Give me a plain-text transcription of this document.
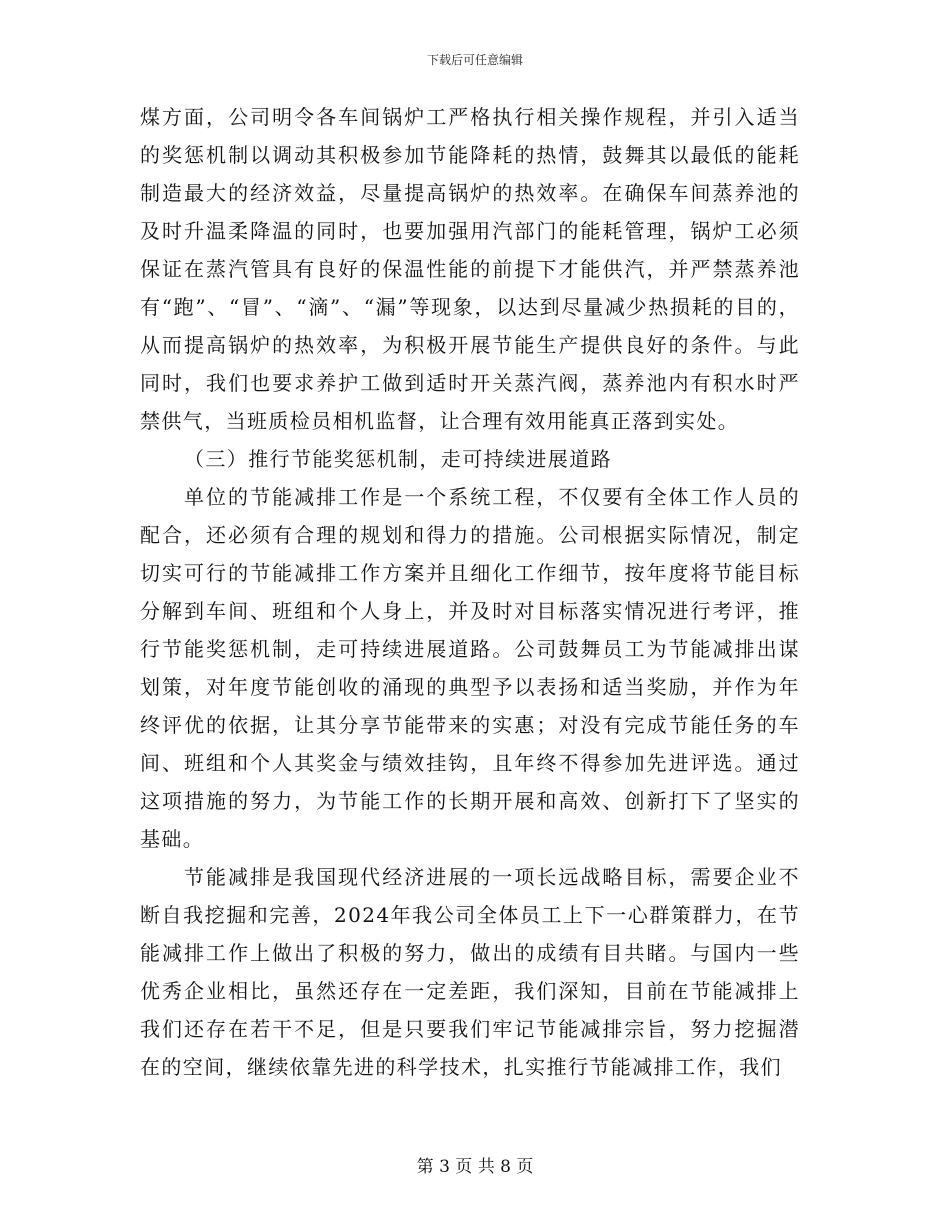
下载后可任意编辑

煤方面，公司明令各车间锅炉工严格执行相关操作规程，并引入适当的奖惩机制以调动其积极参加节能降耗的热情，鼓舞其以最低的能耗制造最大的经济效益，尽量提高锅炉的热效率。在确保车间蒸养池的及时升温柔降温的同时，也要加强用汽部门的能耗管理，锅炉工必须保证在蒸汽管具有良好的保温性能的前提下才能供汽，并严禁蒸养池有“跑”、“冒”、“滴”、“漏”等现象，以达到尽量减少热损耗的目的，从而提高锅炉的热效率，为积极开展节能生产提供良好的条件。与此同时，我们也要求养护工做到适时开关蒸汽阀，蒸养池内有积水时严禁供气，当班质检员相机监督，让合理有效用能真正落到实处。

（三）推行节能奖惩机制，走可持续进展道路

单位的节能减排工作是一个系统工程，不仅要有全体工作人员的配合，还必须有合理的规划和得力的措施。公司根据实际情况，制定切实可行的节能减排工作方案并且细化工作细节，按年度将节能目标分解到车间、班组和个人身上，并及时对目标落实情况进行考评，推行节能奖惩机制，走可持续进展道路。公司鼓舞员工为节能减排出谋划策，对年度节能创收的涌现的典型予以表扬和适当奖励，并作为年终评优的依据，让其分享节能带来的实惠；对没有完成节能任务的车间、班组和个人其奖金与绩效挂钩，且年终不得参加先进评选。通过这项措施的努力，为节能工作的长期开展和高效、创新打下了坚实的基础。

节能减排是我国现代经济进展的一项长远战略目标，需要企业不断自我挖掘和完善，2024年我公司全体员工上下一心群策群力，在节能减排工作上做出了积极的努力，做出的成绩有目共睹。与国内一些优秀企业相比，虽然还存在一定差距，我们深知，目前在节能减排上我们还存在若干不足，但是只要我们牢记节能减排宗旨，努力挖掘潜在的空间，继续依靠先进的科学技术，扎实推行节能减排工作，我们

第 3 页 共 8 页
